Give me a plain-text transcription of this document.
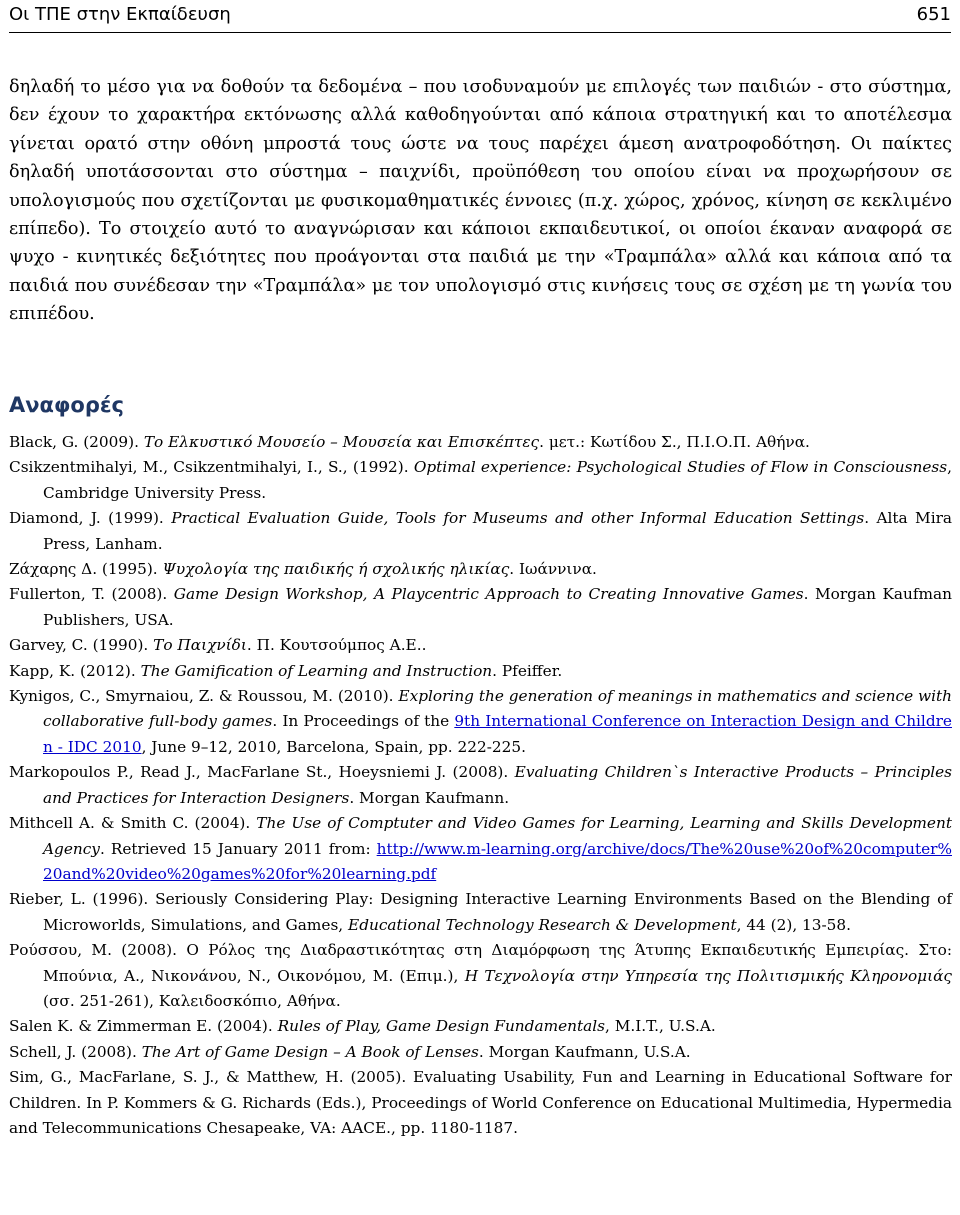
Οι ΤΠΕ στην Εκπαίδευση	651

δηλαδή το μέσο για να δοθούν τα δεδομένα – που ισοδυναμούν με επιλογές των παιδιών - στο σύστημα, δεν έχουν το χαρακτήρα εκτόνωσης αλλά καθοδηγούνται από κάποια στρατηγική και το αποτέλεσμα γίνεται ορατό στην οθόνη μπροστά τους ώστε να τους παρέχει άμεση ανατροφοδότηση. Οι παίκτες δηλαδή υποτάσσονται στο σύστημα – παιχνίδι, προϋπόθεση του οποίου είναι να προχωρήσουν σε υπολογισμούς που σχετίζονται με φυσικομαθηματικές έννοιες (π.χ. χώρος, χρόνος, κίνηση σε κεκλιμένο επίπεδο). Το στοιχείο αυτό το αναγνώρισαν και κάποιοι εκπαιδευτικοί, οι οποίοι έκαναν αναφορά σε ψυχο - κινητικές δεξιότητες που προάγονται στα παιδιά με την «Τραμπάλα» αλλά και κάποια από τα παιδιά που συνέδεσαν την «Τραμπάλα» με τον υπολογισμό στις κινήσεις τους σε σχέση με τη γωνία του επιπέδου.

Αναφορές

Black, G. (2009). Το Ελκυστικό Μουσείο – Μουσεία και Επισκέπτες. μετ.: Κωτίδου Σ., Π.Ι.Ο.Π. Αθήνα.

Csikzentmihalyi, M., Csikzentmihalyi, I., S., (1992). Optimal experience: Psychological Studies of Flow in Consciousness, Cambridge University Press.

Diamond, J. (1999). Practical Evaluation Guide, Tools for Museums and other Informal Education Settings. Alta Mira Press, Lanham.

Ζάχαρης Δ. (1995). Ψυχολογία της παιδικής ή σχολικής ηλικίας. Ιωάννινα.

Fullerton, T. (2008). Game Design Workshop, A Playcentric Approach to Creating Innovative Games. Morgan Kaufman Publishers, USA.

Garvey, C. (1990). Το Παιχνίδι. Π. Κουτσούμπος Α.Ε..

Kapp, K. (2012). The Gamification of Learning and Instruction. Pfeiffer.

Kynigos, C., Smyrnaiou, Z. & Roussou, M. (2010). Exploring the generation of meanings in mathematics and science with collaborative full-body games. In Proceedings of the 9th International Conference on Interaction Design and Children - IDC 2010, June 9–12, 2010, Barcelona, Spain, pp. 222-225.

Markopoulos P., Read J., MacFarlane St., Hoeysniemi J. (2008). Evaluating Children`s Interactive Products – Principles and Practices for Interaction Designers. Morgan Kaufmann.

Mithcell A. & Smith C. (2004). The Use of Comptuter and Video Games for Learning, Learning and Skills Development Agency. Retrieved 15 January 2011 from: http://www.m-learning.org/archive/docs/The%20use%20of%20computer%20and%20video%20games%20for%20learning.pdf

Rieber, L. (1996). Seriously Considering Play: Designing Interactive Learning Environments Based on the Blending of Microworlds, Simulations, and Games, Educational Technology Research & Development, 44 (2), 13-58.

Ρούσσου, Μ. (2008). Ο Ρόλος της Διαδραστικότητας στη Διαμόρφωση της Άτυπης Εκπαιδευτικής Εμπειρίας. Στο: Μπούνια, Α., Νικονάνου, Ν., Οικονόμου, Μ. (Επιμ.), Η Τεχνολογία στην Υπηρεσία της Πολιτισμικής Κληρονομιάς (σσ. 251-261), Καλειδοσκόπιο, Αθήνα.

Salen K. & Zimmerman E. (2004). Rules of Play, Game Design Fundamentals, M.I.T., U.S.A.

Schell, J. (2008). The Art of Game Design – A Book of Lenses. Morgan Kaufmann, U.S.A.

Sim, G., MacFarlane, S. J., & Matthew, H. (2005). Evaluating Usability, Fun and Learning in Educational Software for Children. In P. Kommers & G. Richards (Eds.), Proceedings of World Conference on Educational Multimedia, Hypermedia and Telecommunications Chesapeake, VA: AACE., pp. 1180-1187.
